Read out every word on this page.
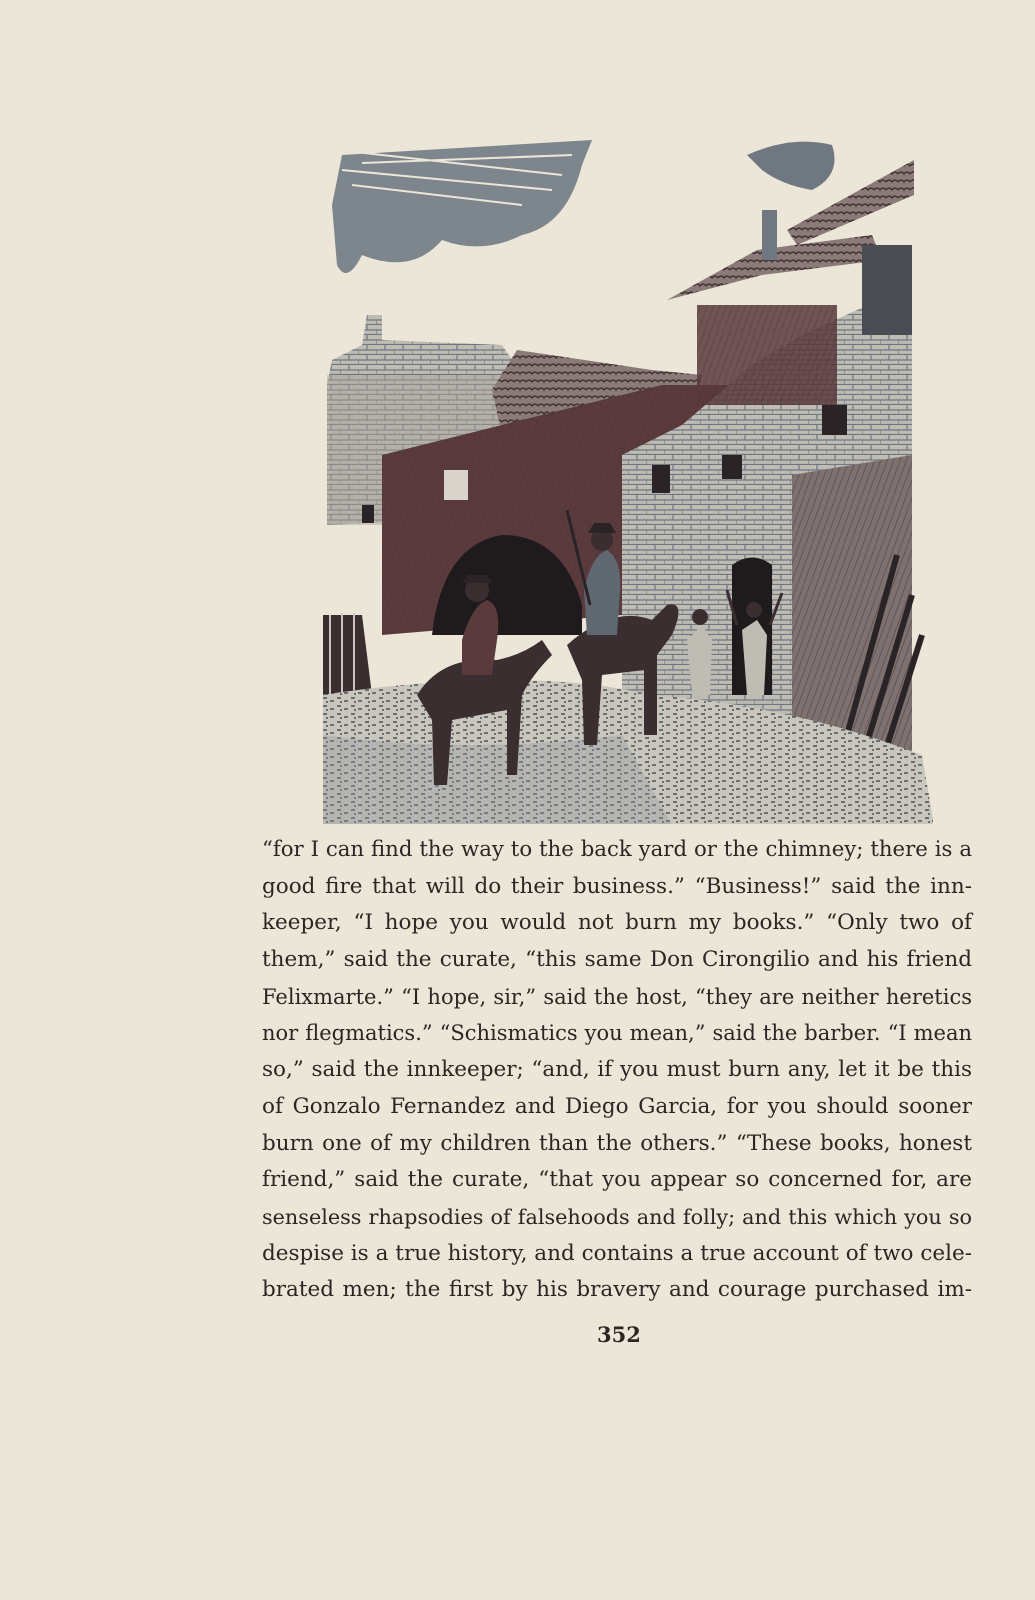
“for I can find the way to the back yard or the chimney; there is a
good fire that will do their business.” “Business!” said the inn-
keeper, “I hope you would not burn my books.” “Only two of
them,” said the curate, “this same Don Cirongilio and his friend
Felixmarte.” “I hope, sir,” said the host, “they are neither heretics
nor flegmatics.” “Schismatics you mean,” said the barber. “I mean
so,” said the innkeeper; “and, if you must burn any, let it be this
of Gonzalo Fernandez and Diego Garcia, for you should sooner
burn one of my children than the others.” “These books, honest
friend,” said the curate, “that you appear so concerned for, are
senseless rhapsodies of falsehoods and folly; and this which you so
despise is a true history, and contains a true account of two cele-
brated men; the first by his bravery and courage purchased im-
352
